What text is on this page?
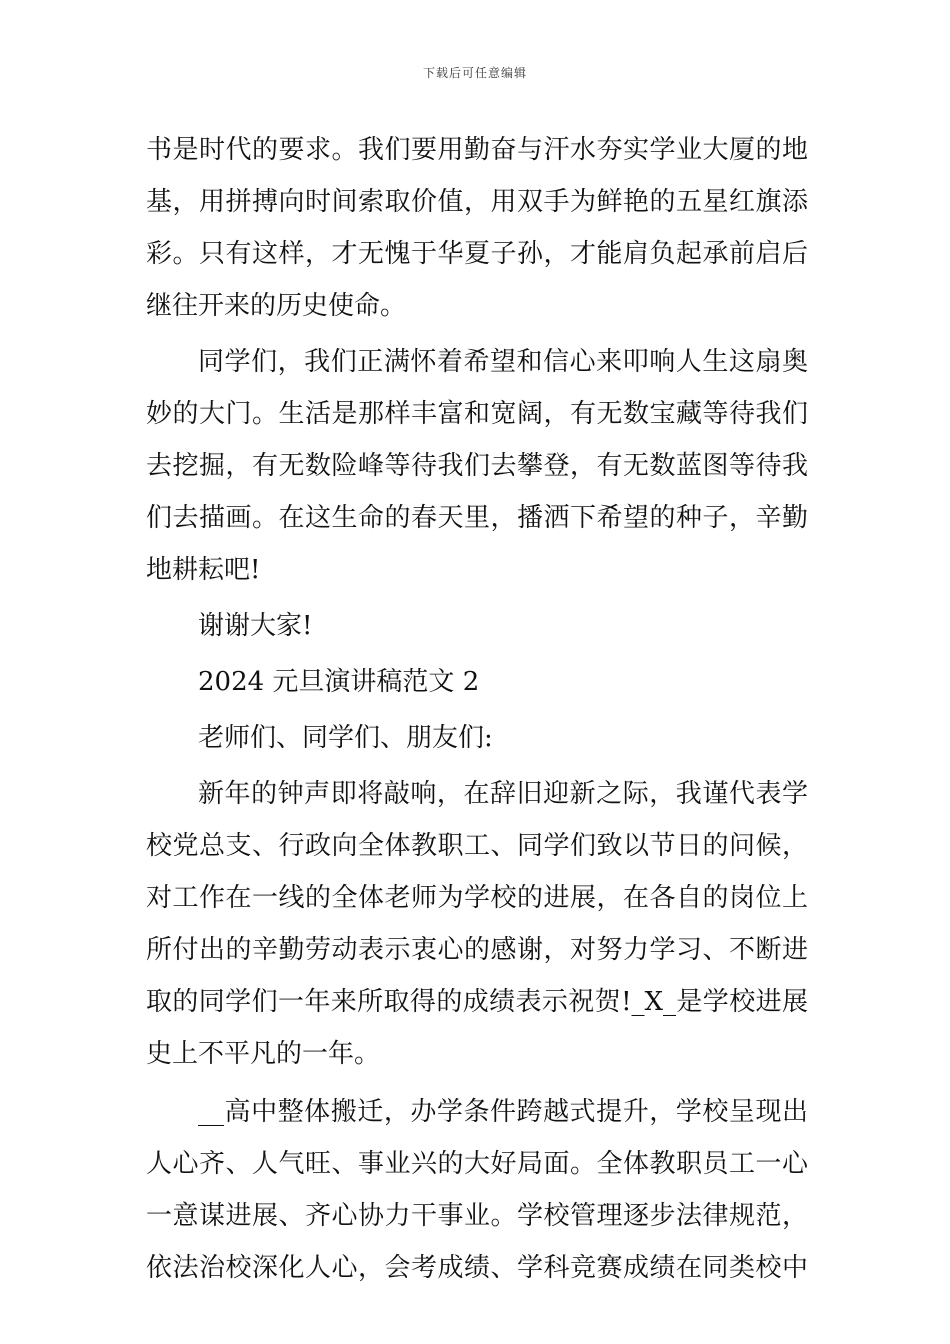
下载后可任意编辑
书是时代的要求。我们要用勤奋与汗水夯实学业大厦的地
基，用拼搏向时间索取价值，用双手为鲜艳的五星红旗添
彩。只有这样，才无愧于华夏子孙，才能肩负起承前启后
继往开来的历史使命。
同学们，我们正满怀着希望和信心来叩响人生这扇奥
妙的大门。生活是那样丰富和宽阔，有无数宝藏等待我们
去挖掘，有无数险峰等待我们去攀登，有无数蓝图等待我
们去描画。在这生命的春天里，播洒下希望的种子，辛勤
地耕耘吧!
谢谢大家!
2024 元旦演讲稿范文 2
老师们、同学们、朋友们:
新年的钟声即将敲响，在辞旧迎新之际，我谨代表学
校党总支、行政向全体教职工、同学们致以节日的问候，
对工作在一线的全体老师为学校的进展，在各自的岗位上
所付出的辛勤劳动表示衷心的感谢，对努力学习、不断进
取的同学们一年来所取得的成绩表示祝贺!_X_是学校进展
史上不平凡的一年。
__高中整体搬迁，办学条件跨越式提升，学校呈现出
人心齐、人气旺、事业兴的大好局面。全体教职员工一心
一意谋进展、齐心协力干事业。学校管理逐步法律规范，
依法治校深化人心，会考成绩、学科竞赛成绩在同类校中
